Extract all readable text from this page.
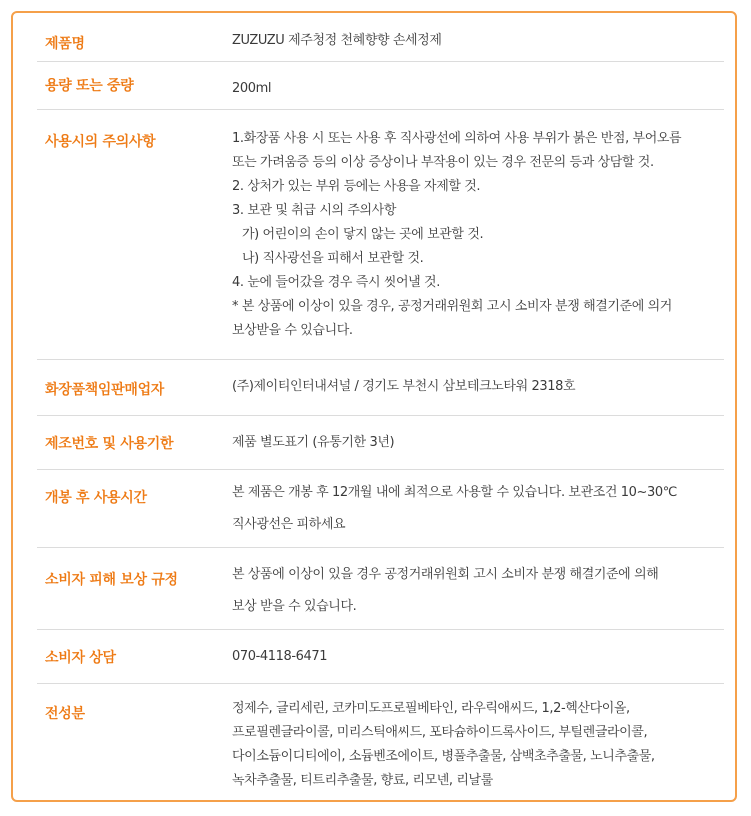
제품명	ZUZUZU 제주청정 천혜향향 손세정제
용량 또는 중량	200ml
사용시의 주의사항	1.화장품 사용 시 또는 사용 후 직사광선에 의하여 사용 부위가 붉은 반점, 부어오름
또는 가려움증 등의 이상 증상이나 부작용이 있는 경우 전문의 등과 상담할 것.
2. 상처가 있는 부위 등에는 사용을 자제할 것.
3. 보관 및 취급 시의 주의사항
가) 어린이의 손이 닿지 않는 곳에 보관할 것.
나) 직사광선을 피해서 보관할 것.
4. 눈에 들어갔을 경우 즉시 씻어낼 것.
* 본 상품에 이상이 있을 경우, 공정거래위원회 고시 소비자 분쟁 해결기준에 의거
보상받을 수 있습니다.
화장품책임판매업자	(주)제이티인터내셔널 / 경기도 부천시 삼보테크노타워 2318호
제조번호 및 사용기한	제품 별도표기 (유통기한 3년)
개봉 후 사용시간	본 제품은 개봉 후 12개월 내에 최적으로 사용할 수 있습니다. 보관조건 10~30℃
직사광선은 피하세요
소비자 피해 보상 규정	본 상품에 이상이 있을 경우 공정거래위원회 고시 소비자 분쟁 해결기준에 의해
보상 받을 수 있습니다.
소비자 상담	070-4118-6471
전성분	정제수, 글리세린, 코카미도프로필베타인, 라우릭애씨드, 1,2-헥산다이올,
프로필렌글라이콜, 미리스틱애씨드, 포타슘하이드록사이드, 부틸렌글라이콜,
다이소듐이디티에이, 소듐벤조에이트, 병풀추출물, 삼백초추출물, 노니추출물,
녹차추출물, 티트리추출물, 향료, 리모넨, 리날룰
